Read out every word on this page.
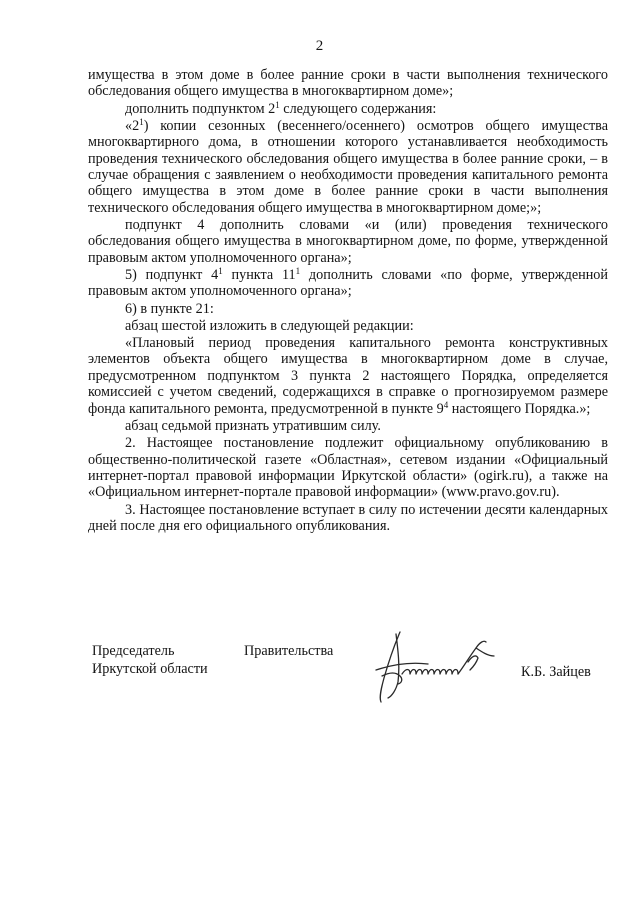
2

имущества в этом доме в более ранние сроки в части выполнения технического обследования общего имущества в многоквартирном доме»;

дополнить подпунктом $2^1$ следующего содержания:

«$2^1$) копии сезонных (весеннего/осеннего) осмотров общего имущества многоквартирного дома, в отношении которого устанавливается необходимость проведения технического обследования общего имущества в более ранние сроки, – в случае обращения с заявлением о необходимости проведения капитального ремонта общего имущества в этом доме в более ранние сроки в части выполнения технического обследования общего имущества в многоквартирном доме;»;

подпункт 4 дополнить словами «и (или) проведения технического обследования общего имущества в многоквартирном доме, по форме, утвержденной правовым актом уполномоченного органа»;

5) подпункт $4^1$ пункта $11^1$ дополнить словами «по форме, утвержденной правовым актом уполномоченного органа»;

6) в пункте 21:

абзац шестой изложить в следующей редакции:

«Плановый период проведения капитального ремонта конструктивных элементов объекта общего имущества в многоквартирном доме в случае, предусмотренном подпунктом 3 пункта 2 настоящего Порядка, определяется комиссией с учетом сведений, содержащихся в справке о прогнозируемом размере фонда капитального ремонта, предусмотренной в пункте $9^4$ настоящего Порядка.»;

абзац седьмой признать утратившим силу.

2. Настоящее постановление подлежит официальному опубликованию в общественно-политической газете «Областная», сетевом издании «Официальный интернет-портал правовой информации Иркутской области» (ogirk.ru), а также на «Официальном интернет-портале правовой информации» (www.pravo.gov.ru).

3. Настоящее постановление вступает в силу по истечении десяти календарных дней после дня его официального опубликования.

Председатель	Правительства
Иркутской области	К.Б. Зайцев
